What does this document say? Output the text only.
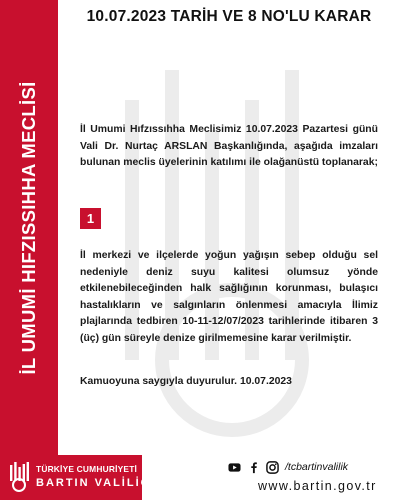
İL UMUMİ HIFZISSIHHA MECLİSİ
10.07.2023 TARİH VE 8 NO'LU KARAR
İl Umumi Hıfzıssıhha Meclisimiz 10.07.2023 Pazartesi günü Vali Dr. Nurtaç ARSLAN Başkanlığında, aşağıda imzaları bulunan meclis üyelerinin katılımı ile olağanüstü toplanarak;
1
İl merkezi ve ilçelerde yoğun yağışın sebep olduğu sel nedeniyle deniz suyu kalitesi olumsuz yönde etkilenebileceğinden halk sağlığının korunması, bulaşıcı hastalıkların ve salgınların önlenmesi amacıyla İlimiz plajlarında tedbiren 10-11-12/07/2023 tarihlerinde itibaren 3 (üç) gün süreyle denize girilmemesine karar verilmiştir.
Kamuoyuna saygıyla duyurulur. 10.07.2023
TÜRKİYE CUMHURİYETİ
BARTIN VALİLİĞİ
/tcbartinvalilik
www.bartin.gov.tr
